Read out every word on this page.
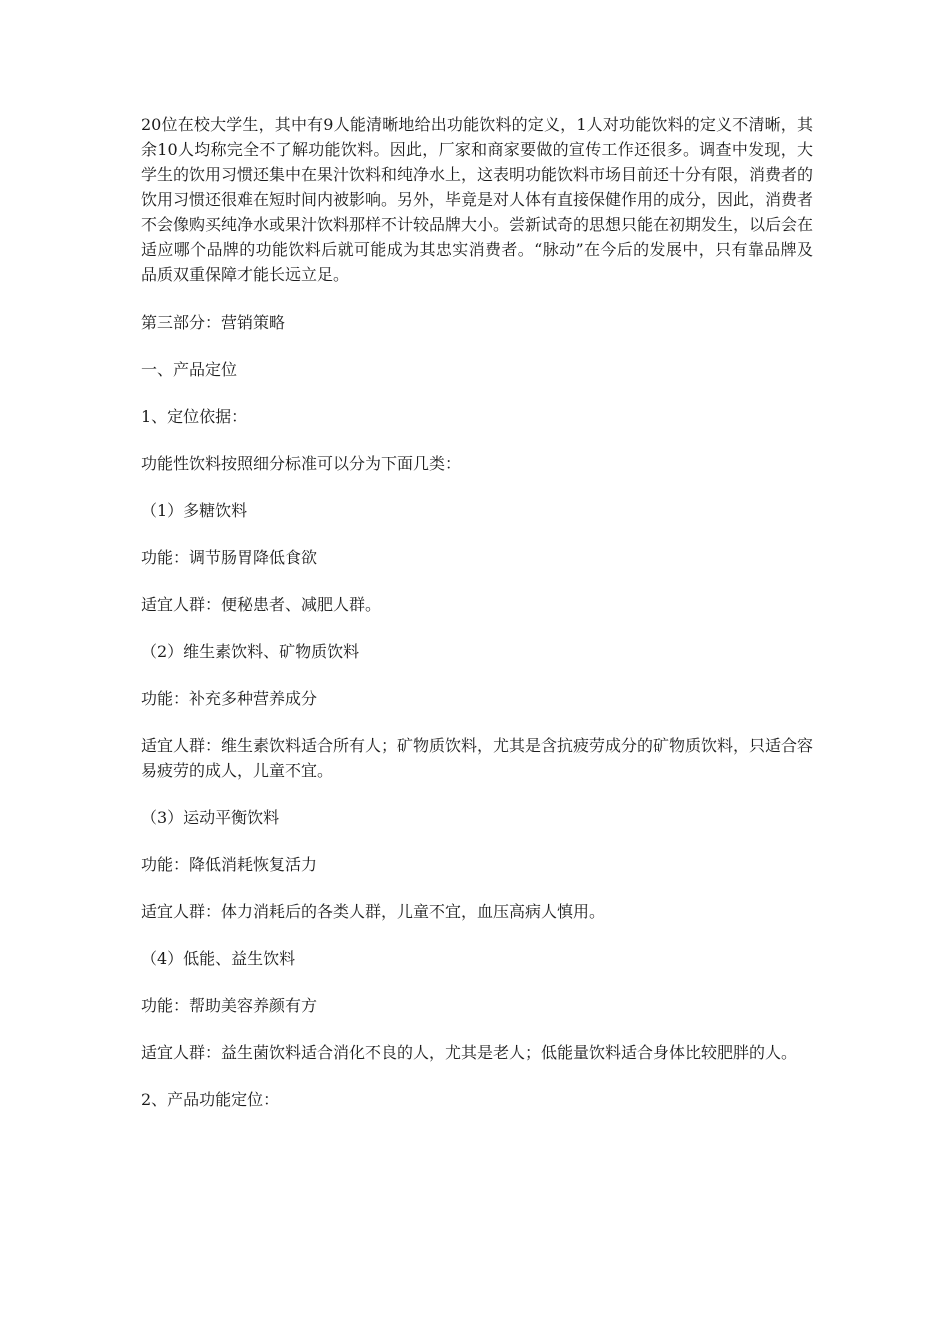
20位在校大学生，其中有9人能清晰地给出功能饮料的定义，1人对功能饮料的定义不清晰，其余10人均称完全不了解功能饮料。因此，厂家和商家要做的宣传工作还很多。调查中发现，大学生的饮用习惯还集中在果汁饮料和纯净水上，这表明功能饮料市场目前还十分有限，消费者的饮用习惯还很难在短时间内被影响。另外，毕竟是对人体有直接保健作用的成分，因此，消费者不会像购买纯净水或果汁饮料那样不计较品牌大小。尝新试奇的思想只能在初期发生，以后会在适应哪个品牌的功能饮料后就可能成为其忠实消费者。“脉动”在今后的发展中，只有靠品牌及品质双重保障才能长远立足。

第三部分：营销策略

一、产品定位

1、定位依据：

功能性饮料按照细分标准可以分为下面几类：

（1）多糖饮料

功能：调节肠胃降低食欲

适宜人群：便秘患者、减肥人群。

（2）维生素饮料、矿物质饮料

功能：补充多种营养成分

适宜人群：维生素饮料适合所有人；矿物质饮料，尤其是含抗疲劳成分的矿物质饮料，只适合容易疲劳的成人，儿童不宜。

（3）运动平衡饮料

功能：降低消耗恢复活力

适宜人群：体力消耗后的各类人群，儿童不宜，血压高病人慎用。

（4）低能、益生饮料

功能：帮助美容养颜有方

适宜人群：益生菌饮料适合消化不良的人，尤其是老人；低能量饮料适合身体比较肥胖的人。

2、产品功能定位：
